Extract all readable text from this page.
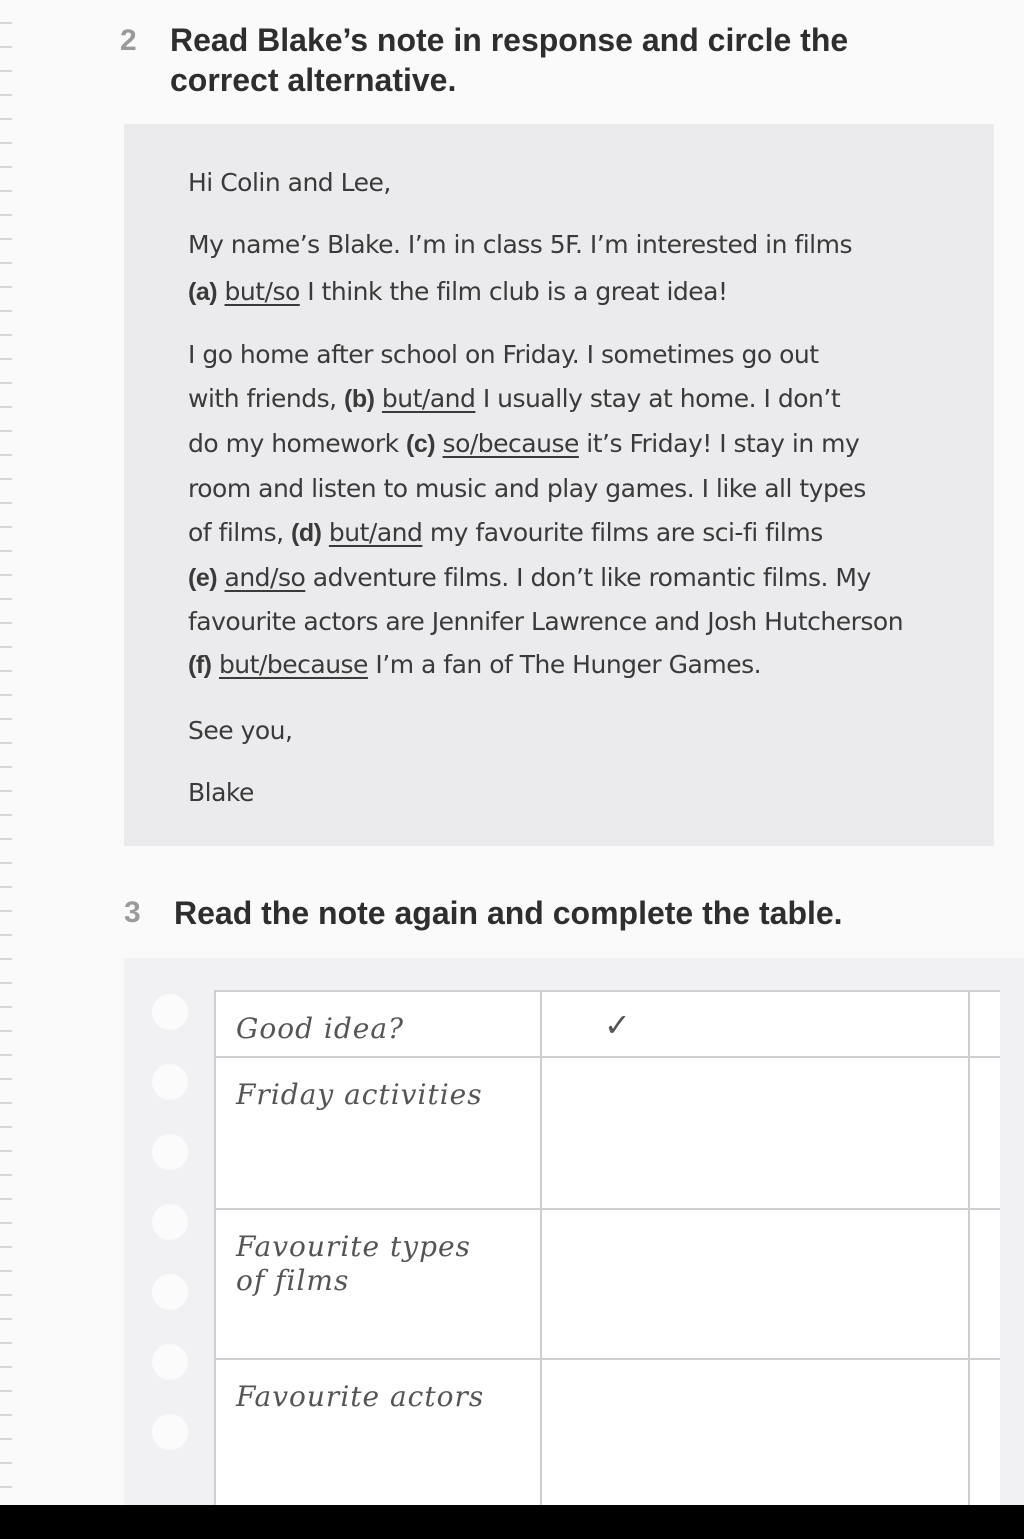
2 Read Blake’s note in response and circle the
correct alternative.
Hi Colin and Lee,
My name’s Blake. I’m in class 5F. I’m interested in films
(a) but/so I think the film club is a great idea!
I go home after school on Friday. I sometimes go out
with friends, (b) but/and I usually stay at home. I don’t
do my homework (c) so/because it’s Friday! I stay in my
room and listen to music and play games. I like all types
of films, (d) but/and my favourite films are sci-fi films
(e) and/so adventure films. I don’t like romantic films. My
favourite actors are Jennifer Lawrence and Josh Hutcherson
(f) but/because I’m a fan of The Hunger Games.
See you,
Blake
3 Read the note again and complete the table.
Good idea?	✓	
Friday activities		
Favourite types of films		
Favourite actors		
